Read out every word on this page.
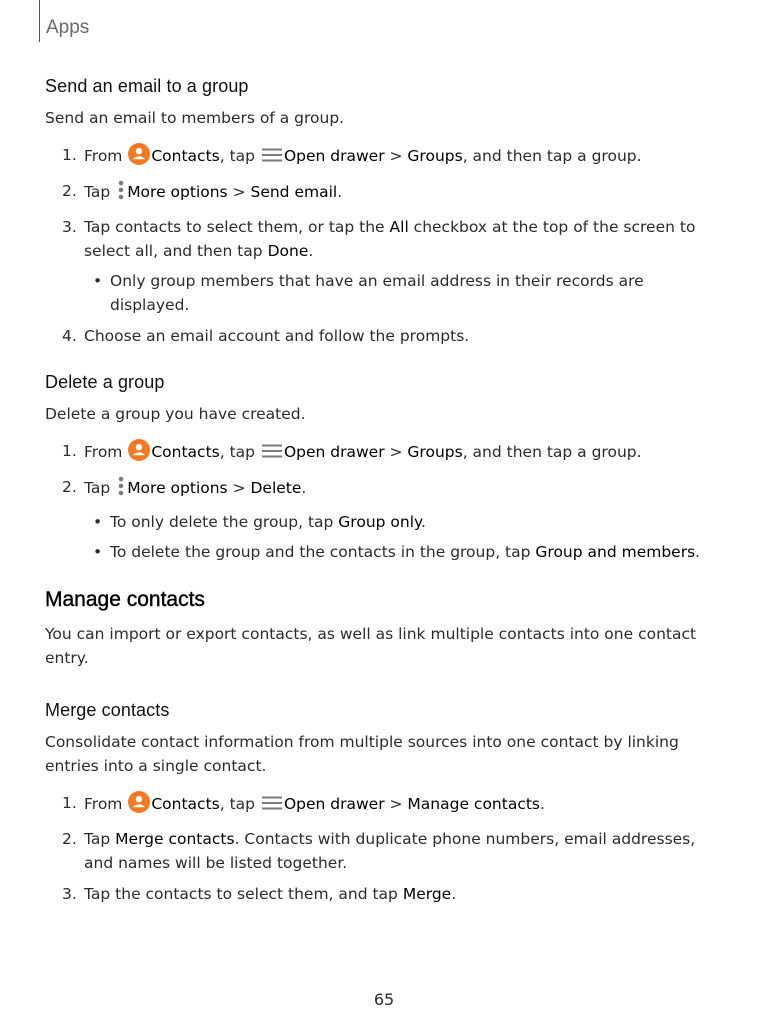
Apps
Send an email to a group

Send an email to members of a group.

1. From Contacts, tap Open drawer > Groups, and then tap a group.
2. Tap More options > Send email.
3. Tap contacts to select them, or tap the All checkbox at the top of the screen to select all, and then tap Done.
• Only group members that have an email address in their records are displayed.
4. Choose an email account and follow the prompts.
Delete a group

Delete a group you have created.

1. From Contacts, tap Open drawer > Groups, and then tap a group.
2. Tap More options > Delete.
• To only delete the group, tap Group only.
• To delete the group and the contacts in the group, tap Group and members.
Manage contacts

You can import or export contacts, as well as link multiple contacts into one contact entry.

Merge contacts

Consolidate contact information from multiple sources into one contact by linking entries into a single contact.

1. From Contacts, tap Open drawer > Manage contacts.
2. Tap Merge contacts. Contacts with duplicate phone numbers, email addresses, and names will be listed together.
3. Tap the contacts to select them, and tap Merge.
65
